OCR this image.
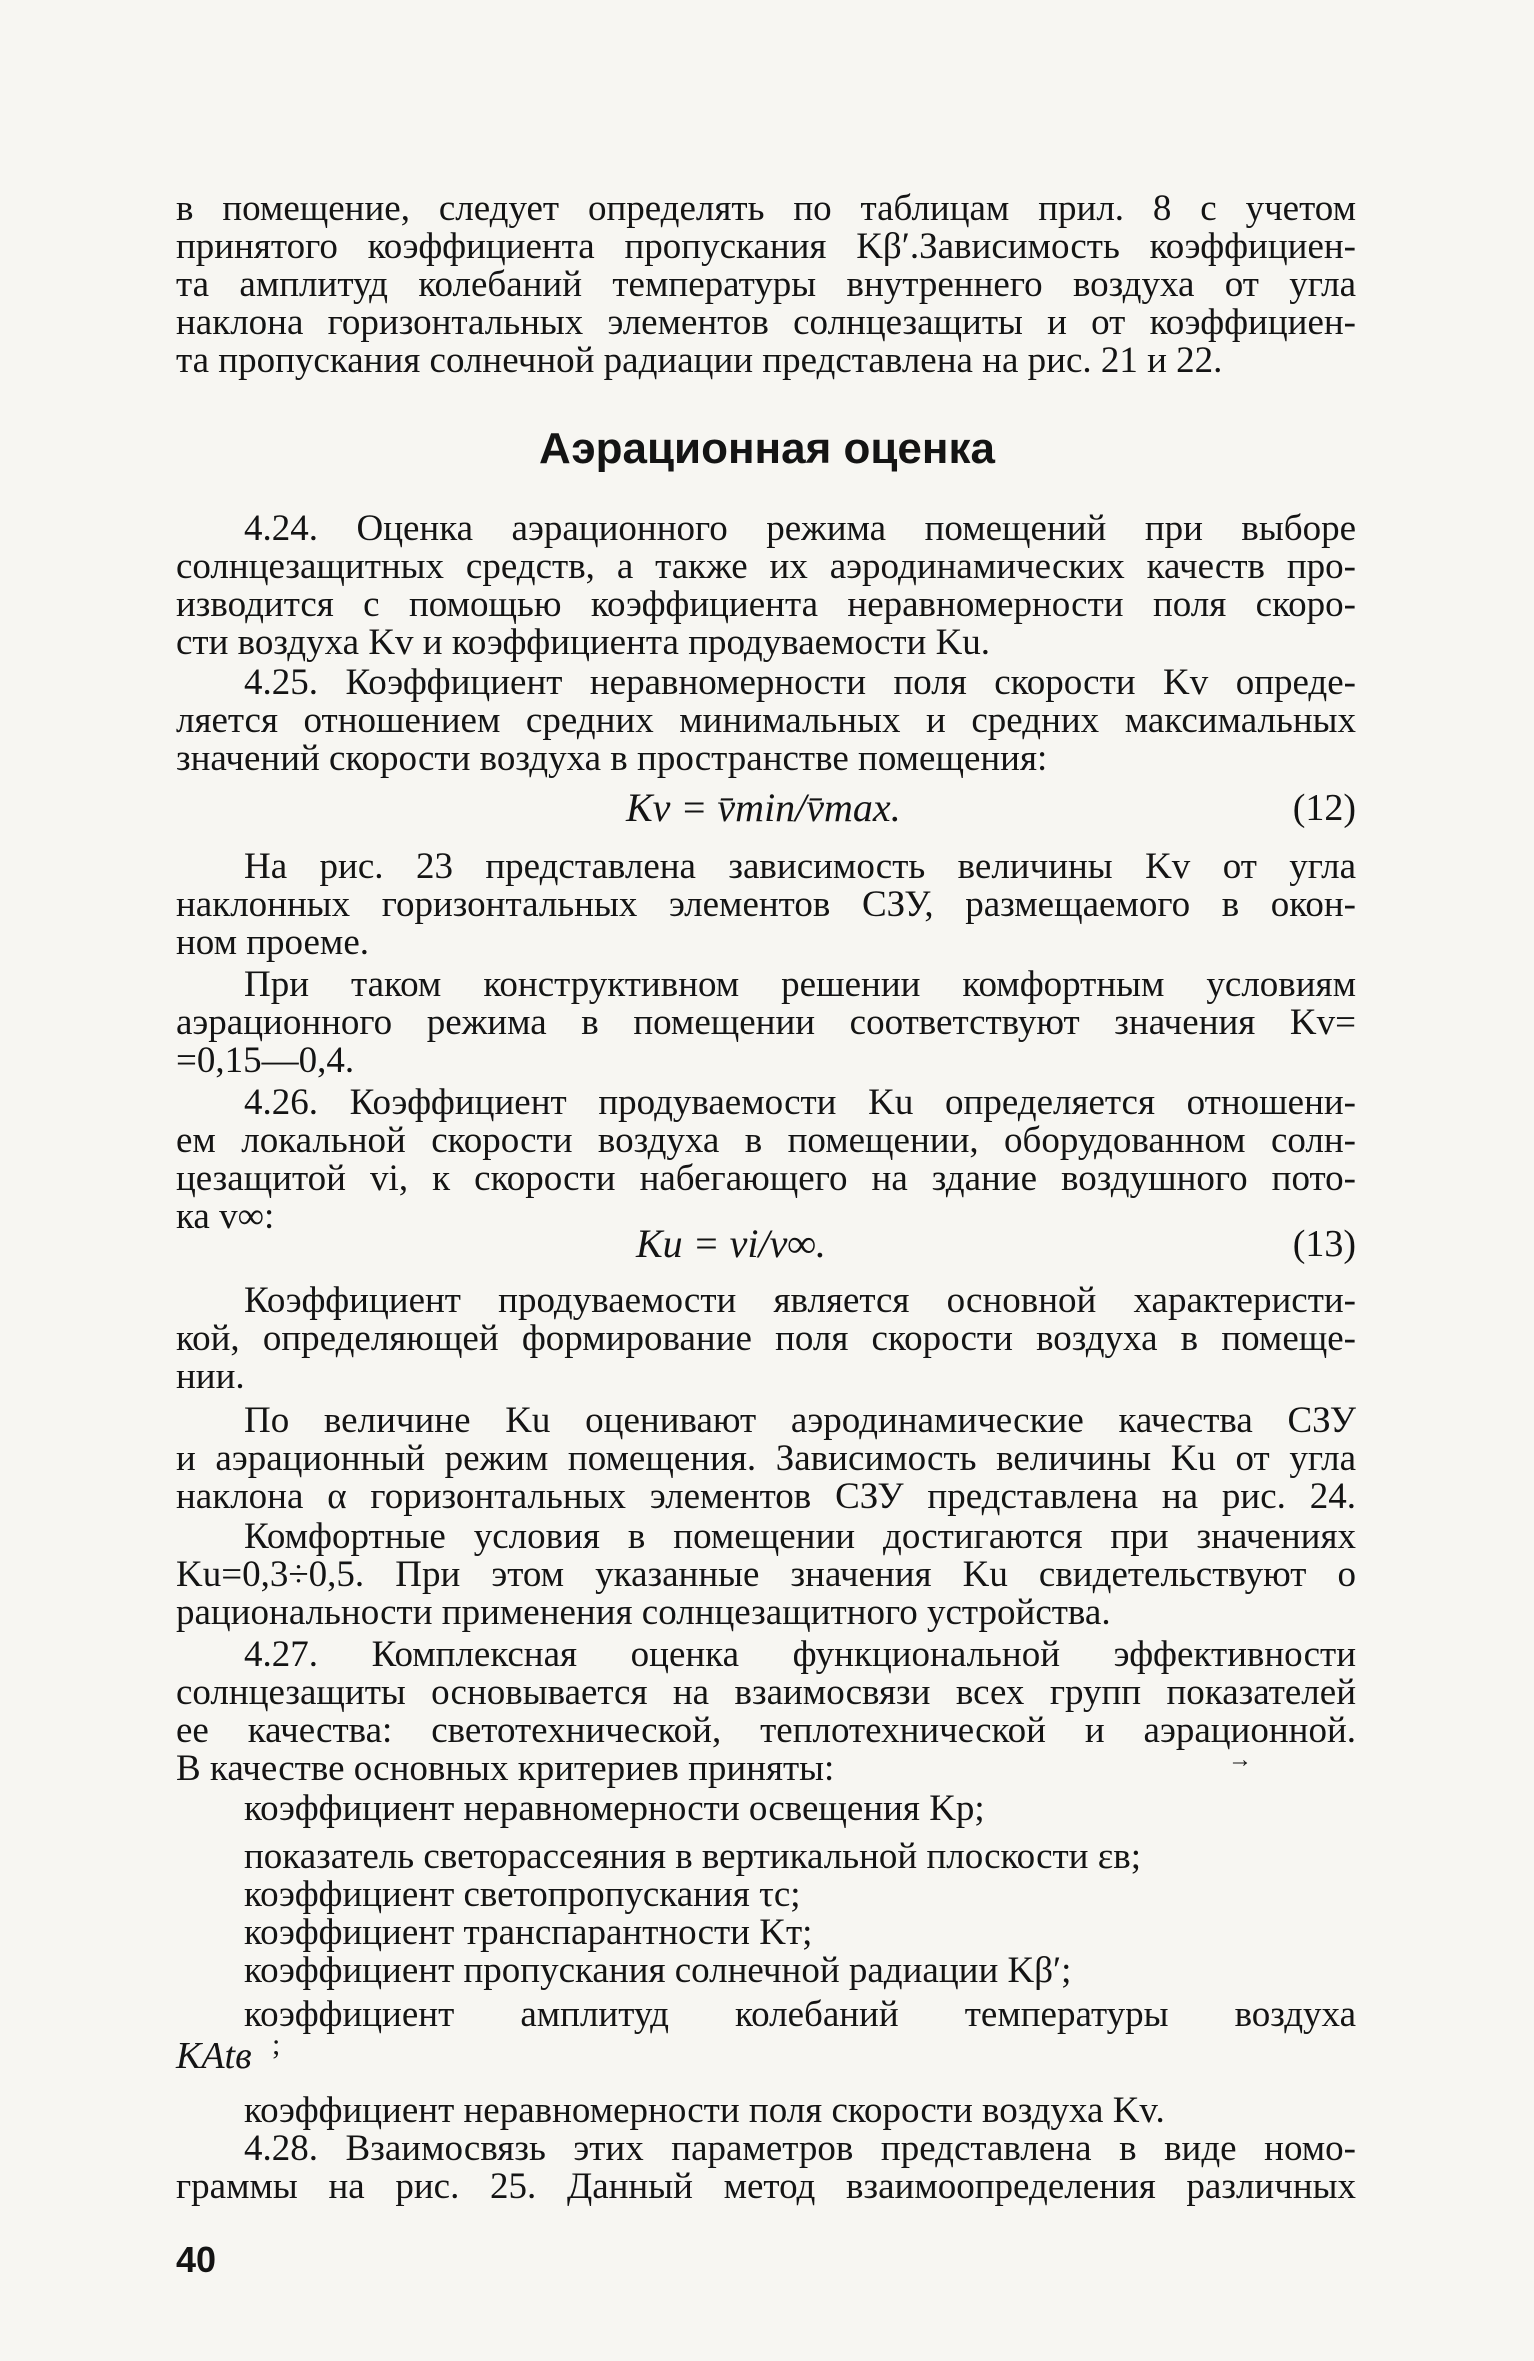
в помещение, следует определять по таблицам прил. 8 с учетом
принятого коэффициента пропускания Kβ′.Зависимость коэффициен-
та амплитуд колебаний температуры внутреннего воздуха от угла
наклона горизонтальных элементов солнцезащиты и от коэффициен-
та пропускания солнечной радиации представлена на рис. 21 и 22.
Аэрационная оценка
4.24. Оценка аэрационного режима помещений при выборе
солнцезащитных средств, а также их аэродинамических качеств про-
изводится с помощью коэффициента неравномерности поля скоро-
сти воздуха Kv и коэффициента продуваемости Ku.
4.25. Коэффициент неравномерности поля скорости Kv опреде-
ляется отношением средних минимальных и средних максимальных
значений скорости воздуха в пространстве помещения:
Kv = v̄min/v̄max.	(12)
На рис. 23 представлена зависимость величины Kv от угла
наклонных горизонтальных элементов СЗУ, размещаемого в окон-
ном проеме.
При таком конструктивном решении комфортным условиям
аэрационного режима в помещении соответствуют значения Kv=
=0,15—0,4.
4.26. Коэффициент продуваемости Ku определяется отношени-
ем локальной скорости воздуха в помещении, оборудованном солн-
цезащитой vi, к скорости набегающего на здание воздушного пото-
ка v∞:
Kи = vi/v∞.	(13)
Коэффициент продуваемости является основной характеристи-
кой, определяющей формирование поля скорости воздуха в помеще-
нии.
По величине Ku оценивают аэродинамические качества СЗУ
и аэрационный режим помещения. Зависимость величины Ku от угла
наклона α горизонтальных элементов СЗУ представлена на рис. 24.
Комфортные условия в помещении достигаются при значениях
Ku=0,3÷0,5. При этом указанные значения Ku свидетельствуют о
рациональности применения солнцезащитного устройства.
4.27. Комплексная оценка функциональной эффективности
солнцезащиты основывается на взаимосвязи всех групп показателей
ее качества: светотехнической, теплотехнической и аэрационной.
В качестве основных критериев приняты:
коэффициент неравномерности освещения Kp;
→
показатель светорассеяния в вертикальной плоскости εв;
коэффициент светопропускания τc;
коэффициент транспарантности Kт;
коэффициент пропускания солнечной радиации Kβ′;
коэффициент амплитуд колебаний температуры воздуха
KAtв ;
коэффициент неравномерности поля скорости воздуха Kv.
4.28. Взаимосвязь этих параметров представлена в виде номо-
граммы на рис. 25. Данный метод взаимоопределения различных
40
